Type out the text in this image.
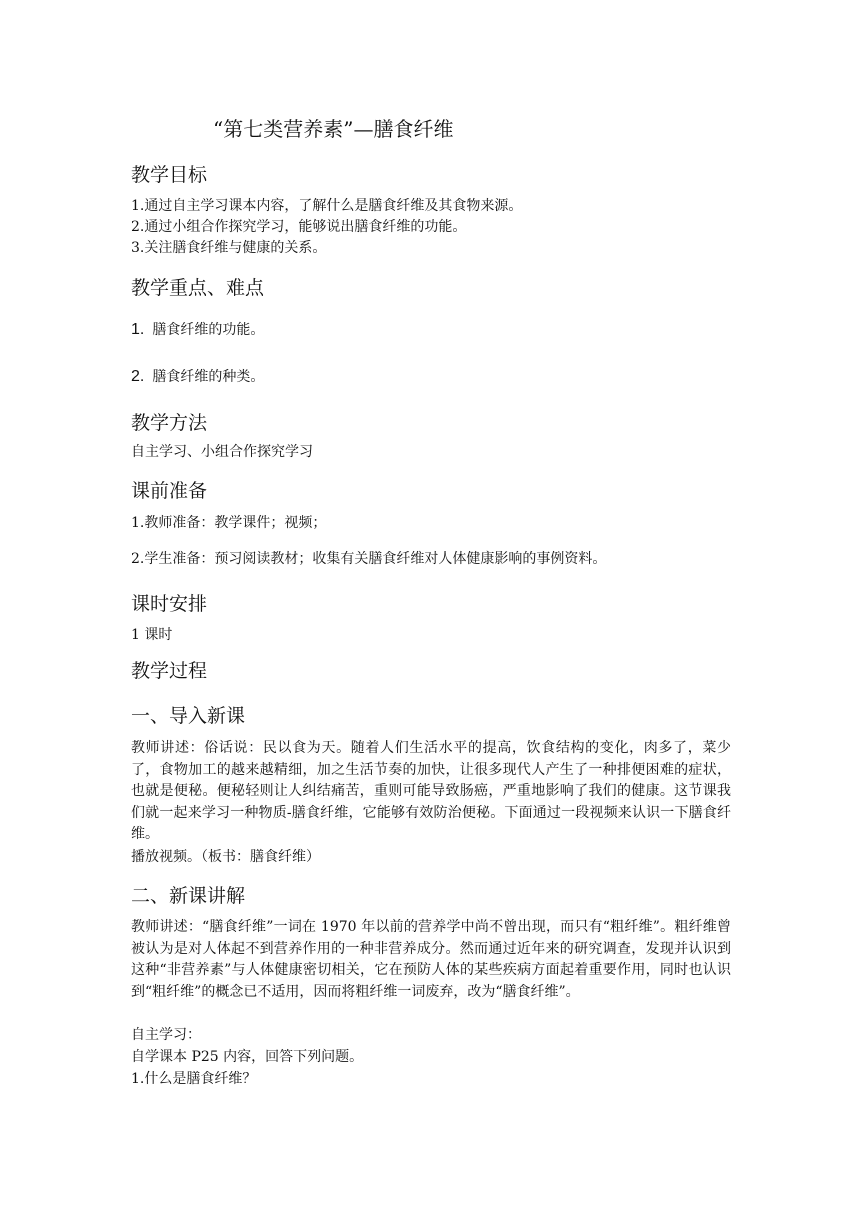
“第七类营养素”—膳食纤维
教学目标
1.通过自主学习课本内容，了解什么是膳食纤维及其食物来源。
2.通过小组合作探究学习，能够说出膳食纤维的功能。
3.关注膳食纤维与健康的关系。
教学重点、难点
1. 膳食纤维的功能。
2. 膳食纤维的种类。
教学方法
自主学习、小组合作探究学习
课前准备
1.教师准备：教学课件；视频；
2.学生准备：预习阅读教材；收集有关膳食纤维对人体健康影响的事例资料。
课时安排
1 课时
教学过程
一、导入新课
教师讲述：俗话说：民以食为天。随着人们生活水平的提高，饮食结构的变化，肉多了，菜少了，食物加工的越来越精细，加之生活节奏的加快，让很多现代人产生了一种排便困难的症状，也就是便秘。便秘轻则让人纠结痛苦，重则可能导致肠癌，严重地影响了我们的健康。这节课我们就一起来学习一种物质-膳食纤维，它能够有效防治便秘。下面通过一段视频来认识一下膳食纤维。
播放视频。（板书：膳食纤维）
二、新课讲解
教师讲述：“膳食纤维”一词在 1970 年以前的营养学中尚不曾出现，而只有“粗纤维”。粗纤维曾被认为是对人体起不到营养作用的一种非营养成分。然而通过近年来的研究调查，发现并认识到这种“非营养素”与人体健康密切相关，它在预防人体的某些疾病方面起着重要作用，同时也认识到“粗纤维”的概念已不适用，因而将粗纤维一词废弃，改为“膳食纤维”。
自主学习：
自学课本 P25 内容，回答下列问题。
1.什么是膳食纤维？
